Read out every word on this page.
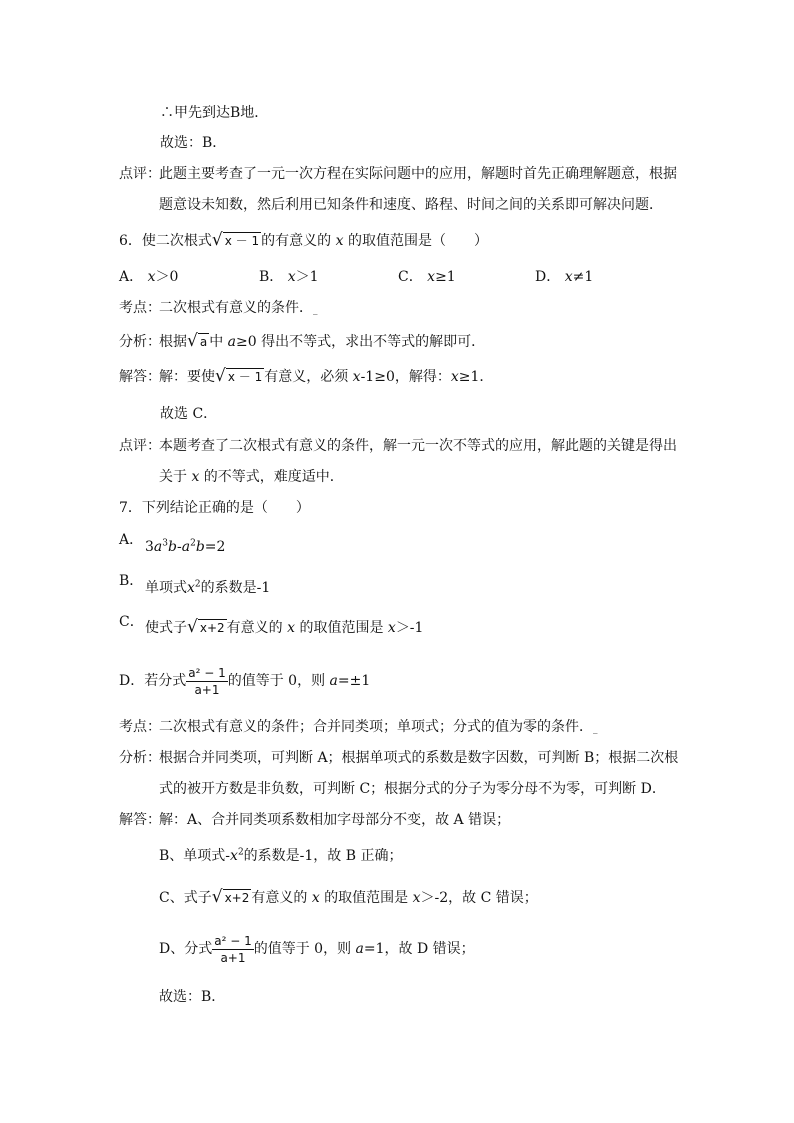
∴甲先到达B地．
故选：B．
点评：此题主要考查了一元一次方程在实际问题中的应用，解题时首先正确理解题意，根据
题意设未知数，然后利用已知条件和速度、路程、时间之间的关系即可解决问题．
6．使二次根式√ x － 1 的有意义的 x 的取值范围是（　　）
A． x＞0	B． x＞1	C． x≥1	D． x≠1
考点：二次根式有意义的条件．_
分析：根据√ a 中 a≥0 得出不等式，求出不等式的解即可．
解答：解：要使√ x － 1 有意义，必须 x-1≥0，解得：x≥1．
故选 C．
点评：本题考查了二次根式有意义的条件，解一元一次不等式的应用，解此题的关键是得出
关于 x 的不等式，难度适中．
7．下列结论正确的是（　　）
A． $3a^3b-a^2b=2$
B． 单项式$x^2$的系数是-1
C． 使式子√ x+2 有意义的 x 的取值范围是 x＞-1
D．若分式 $\frac{\text{a² − 1}}{a+1}$ 的值等于 0，则 a=±1
考点：二次根式有意义的条件；合并同类项；单项式；分式的值为零的条件．_
分析：根据合并同类项，可判断 A；根据单项式的系数是数字因数，可判断 B；根据二次根
式的被开方数是非负数，可判断 C；根据分式的分子为零分母不为零，可判断 D．
解答：解：A、合并同类项系数相加字母部分不变，故 A 错误；
B、单项式$-x^2$的系数是-1，故 B 正确；
C、式子√ x+2 有意义的 x 的取值范围是 x＞-2，故 C 错误；
D、分式 $\frac{\text{a² − 1}}{a+1}$ 的值等于 0，则 a=1，故 D 错误；
故选：B．
